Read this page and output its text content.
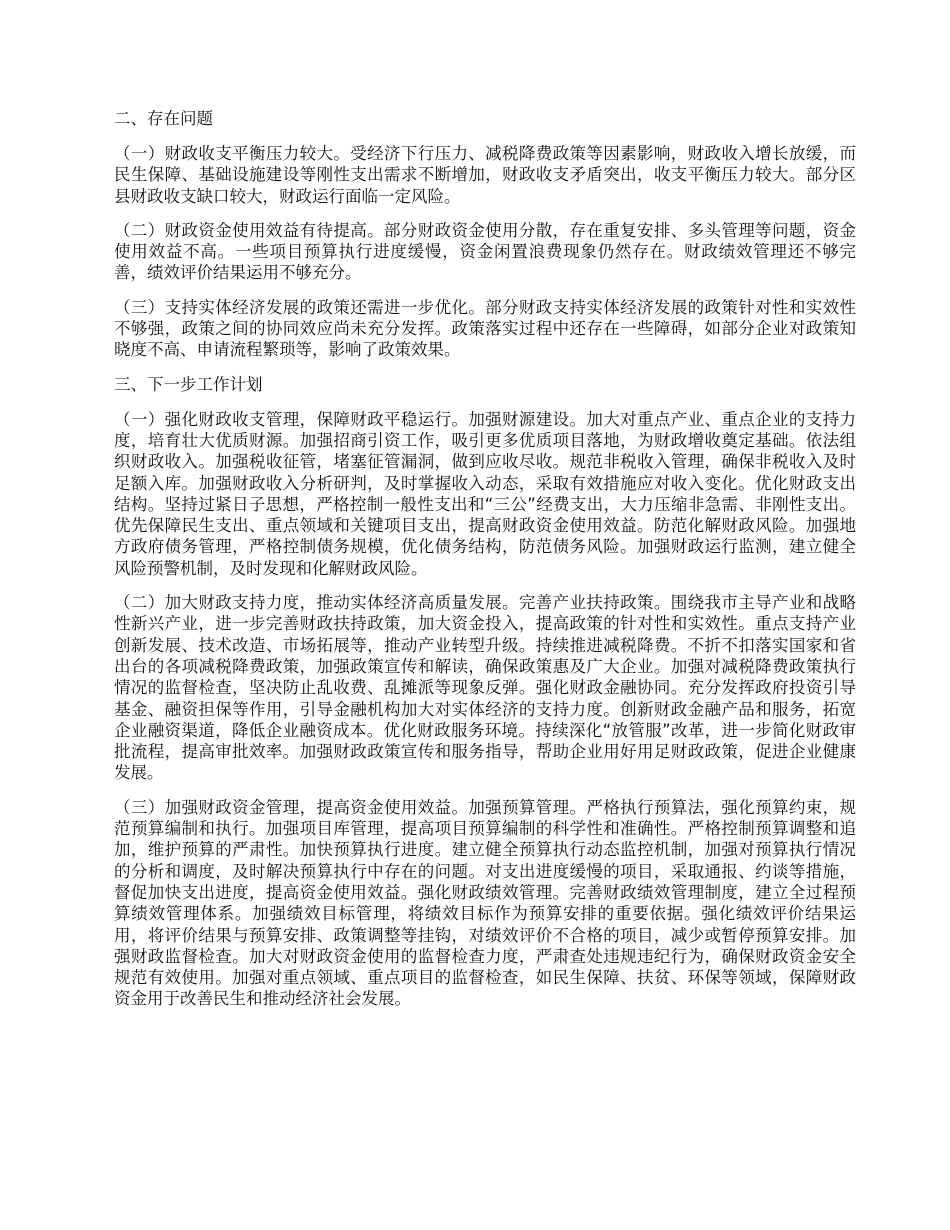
二、存在问题

（一）财政收支平衡压力较大。受经济下行压力、减税降费政策等因素影响，财政收入增长放缓，而民生保障、基础设施建设等刚性支出需求不断增加，财政收支矛盾突出，收支平衡压力较大。部分区县财政收支缺口较大，财政运行面临一定风险。

（二）财政资金使用效益有待提高。部分财政资金使用分散，存在重复安排、多头管理等问题，资金使用效益不高。一些项目预算执行进度缓慢，资金闲置浪费现象仍然存在。财政绩效管理还不够完善，绩效评价结果运用不够充分。

（三）支持实体经济发展的政策还需进一步优化。部分财政支持实体经济发展的政策针对性和实效性不够强，政策之间的协同效应尚未充分发挥。政策落实过程中还存在一些障碍，如部分企业对政策知晓度不高、申请流程繁琐等，影响了政策效果。

三、下一步工作计划

（一）强化财政收支管理，保障财政平稳运行。加强财源建设。加大对重点产业、重点企业的支持力度，培育壮大优质财源。加强招商引资工作，吸引更多优质项目落地，为财政增收奠定基础。依法组织财政收入。加强税收征管，堵塞征管漏洞，做到应收尽收。规范非税收入管理，确保非税收入及时足额入库。加强财政收入分析研判，及时掌握收入动态，采取有效措施应对收入变化。优化财政支出结构。坚持过紧日子思想，严格控制一般性支出和“三公”经费支出，大力压缩非急需、非刚性支出。优先保障民生支出、重点领域和关键项目支出，提高财政资金使用效益。防范化解财政风险。加强地方政府债务管理，严格控制债务规模，优化债务结构，防范债务风险。加强财政运行监测，建立健全风险预警机制，及时发现和化解财政风险。

（二）加大财政支持力度，推动实体经济高质量发展。完善产业扶持政策。围绕我市主导产业和战略性新兴产业，进一步完善财政扶持政策，加大资金投入，提高政策的针对性和实效性。重点支持产业创新发展、技术改造、市场拓展等，推动产业转型升级。持续推进减税降费。不折不扣落实国家和省出台的各项减税降费政策，加强政策宣传和解读，确保政策惠及广大企业。加强对减税降费政策执行情况的监督检查，坚决防止乱收费、乱摊派等现象反弹。强化财政金融协同。充分发挥政府投资引导基金、融资担保等作用，引导金融机构加大对实体经济的支持力度。创新财政金融产品和服务，拓宽企业融资渠道，降低企业融资成本。优化财政服务环境。持续深化“放管服”改革，进一步简化财政审批流程，提高审批效率。加强财政政策宣传和服务指导，帮助企业用好用足财政政策，促进企业健康发展。

（三）加强财政资金管理，提高资金使用效益。加强预算管理。严格执行预算法，强化预算约束，规范预算编制和执行。加强项目库管理，提高项目预算编制的科学性和准确性。严格控制预算调整和追加，维护预算的严肃性。加快预算执行进度。建立健全预算执行动态监控机制，加强对预算执行情况的分析和调度，及时解决预算执行中存在的问题。对支出进度缓慢的项目，采取通报、约谈等措施，督促加快支出进度，提高资金使用效益。强化财政绩效管理。完善财政绩效管理制度，建立全过程预算绩效管理体系。加强绩效目标管理，将绩效目标作为预算安排的重要依据。强化绩效评价结果运用，将评价结果与预算安排、政策调整等挂钩，对绩效评价不合格的项目，减少或暂停预算安排。加强财政监督检查。加大对财政资金使用的监督检查力度，严肃查处违规违纪行为，确保财政资金安全规范有效使用。加强对重点领域、重点项目的监督检查，如民生保障、扶贫、环保等领域，保障财政资金用于改善民生和推动经济社会发展。
